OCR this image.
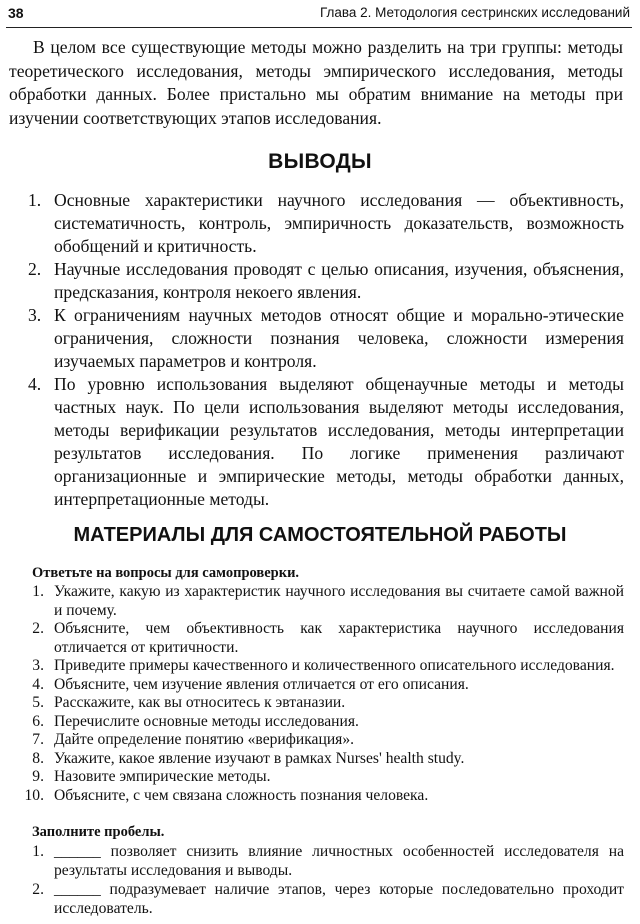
38	Глава 2. Методология сестринских исследований

В целом все существующие методы можно разделить на три группы: методы теоретического исследования, методы эмпирического исследования, методы обработки данных. Более пристально мы обратим внимание на методы при изучении соответствующих этапов исследования.

ВЫВОДЫ
1. Основные характеристики научного исследования — объективность, систематичность, контроль, эмпиричность доказательств, возможность обобщений и критичность.
2. Научные исследования проводят с целью описания, изучения, объяснения, предсказания, контроля некоего явления.
3. К ограничениям научных методов относят общие и морально-этические ограничения, сложности познания человека, сложности измерения изучаемых параметров и контроля.
4. По уровню использования выделяют общенаучные методы и методы частных наук. По цели использования выделяют методы исследования, методы верификации результатов исследования, методы интерпретации результатов исследования. По логике применения различают организационные и эмпирические методы, методы обработки данных, интерпретационные методы.
МАТЕРИАЛЫ ДЛЯ САМОСТОЯТЕЛЬНОЙ РАБОТЫ

Ответьте на вопросы для самопроверки.

1. Укажите, какую из характеристик научного исследования вы считаете самой важной и почему.
2. Объясните, чем объективность как характеристика научного исследования отличается от критичности.
3. Приведите примеры качественного и количественного описательного исследования.
4. Объясните, чем изучение явления отличается от его описания.
5. Расскажите, как вы относитесь к эвтаназии.
6. Перечислите основные методы исследования.
7. Дайте определение понятию «верификация».
8. Укажите, какое явление изучают в рамках Nurses' health study.
9. Назовите эмпирические методы.
10. Объясните, с чем связана сложность познания человека.

Заполните пробелы.

1. ______ позволяет снизить влияние личностных особенностей исследователя на результаты исследования и выводы.
2. ______ подразумевает наличие этапов, через которые последовательно проходит исследователь.
